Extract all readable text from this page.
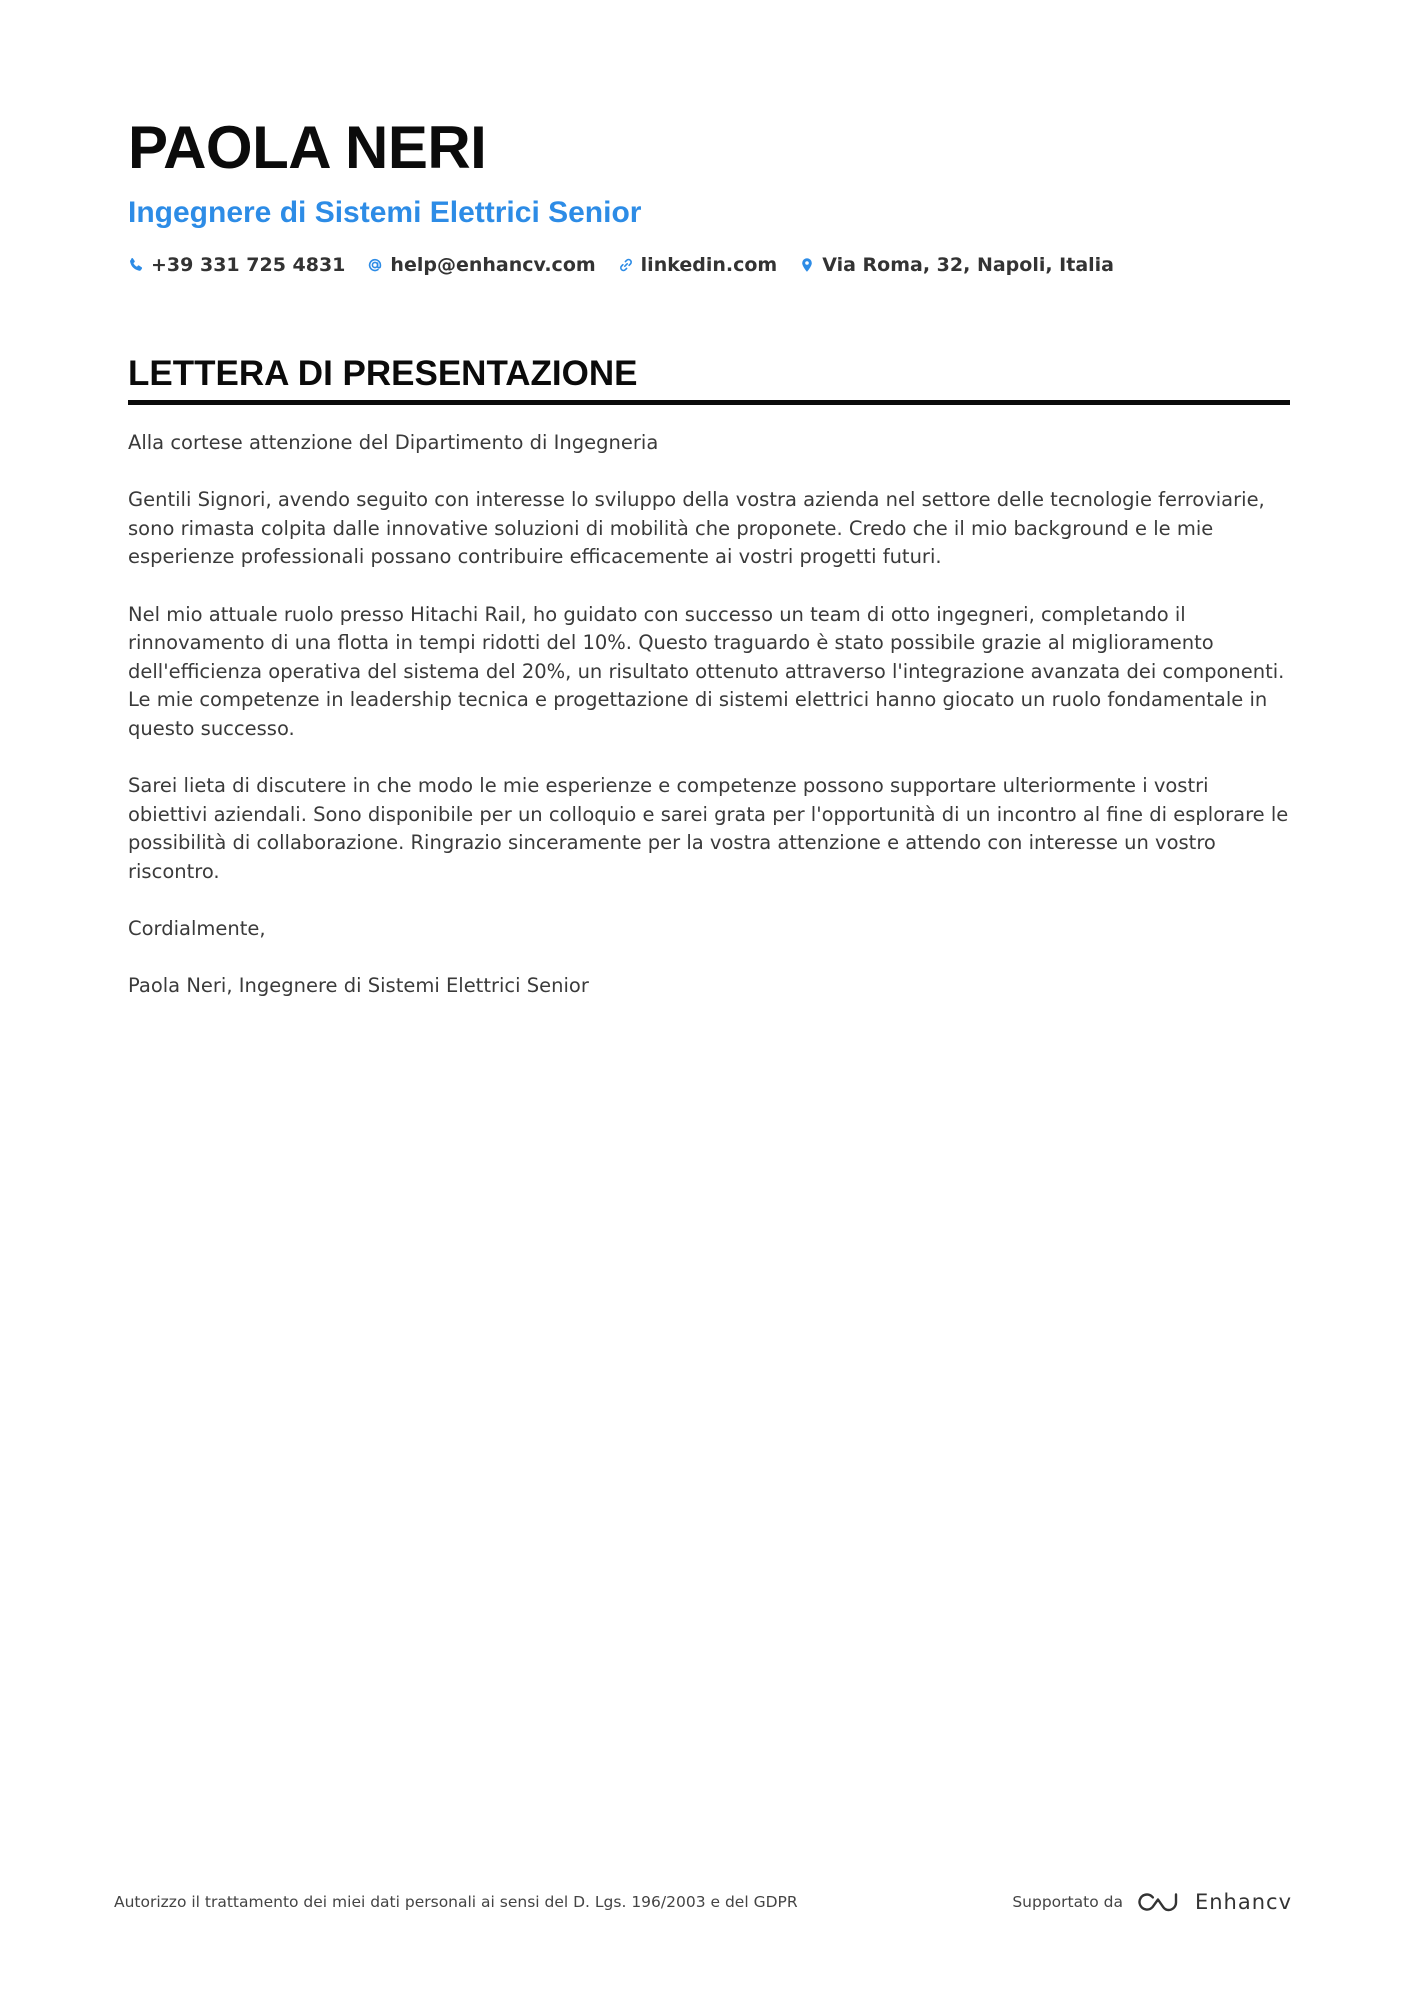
PAOLA NERI
Ingegnere di Sistemi Elettrici Senior
+39 331 725 4831 help@enhancv.com linkedin.com Via Roma, 32, Napoli, Italia
LETTERA DI PRESENTAZIONE

Alla cortese attenzione del Dipartimento di Ingegneria

Gentili Signori, avendo seguito con interesse lo sviluppo della vostra azienda nel settore delle tecnologie ferroviarie, sono rimasta colpita dalle innovative soluzioni di mobilità che proponete. Credo che il mio background e le mie esperienze professionali possano contribuire efficacemente ai vostri progetti futuri.

Nel mio attuale ruolo presso Hitachi Rail, ho guidato con successo un team di otto ingegneri, completando il rinnovamento di una flotta in tempi ridotti del 10%. Questo traguardo è stato possibile grazie al miglioramento dell'efficienza operativa del sistema del 20%, un risultato ottenuto attraverso l'integrazione avanzata dei componenti. Le mie competenze in leadership tecnica e progettazione di sistemi elettrici hanno giocato un ruolo fondamentale in questo successo.

Sarei lieta di discutere in che modo le mie esperienze e competenze possono supportare ulteriormente i vostri obiettivi aziendali. Sono disponibile per un colloquio e sarei grata per l'opportunità di un incontro al fine di esplorare le possibilità di collaborazione. Ringrazio sinceramente per la vostra attenzione e attendo con interesse un vostro riscontro.

Cordialmente,

Paola Neri, Ingegnere di Sistemi Elettrici Senior

Autorizzo il trattamento dei miei dati personali ai sensi del D. Lgs. 196/2003 e del GDPR	Supportato da	Enhancv
